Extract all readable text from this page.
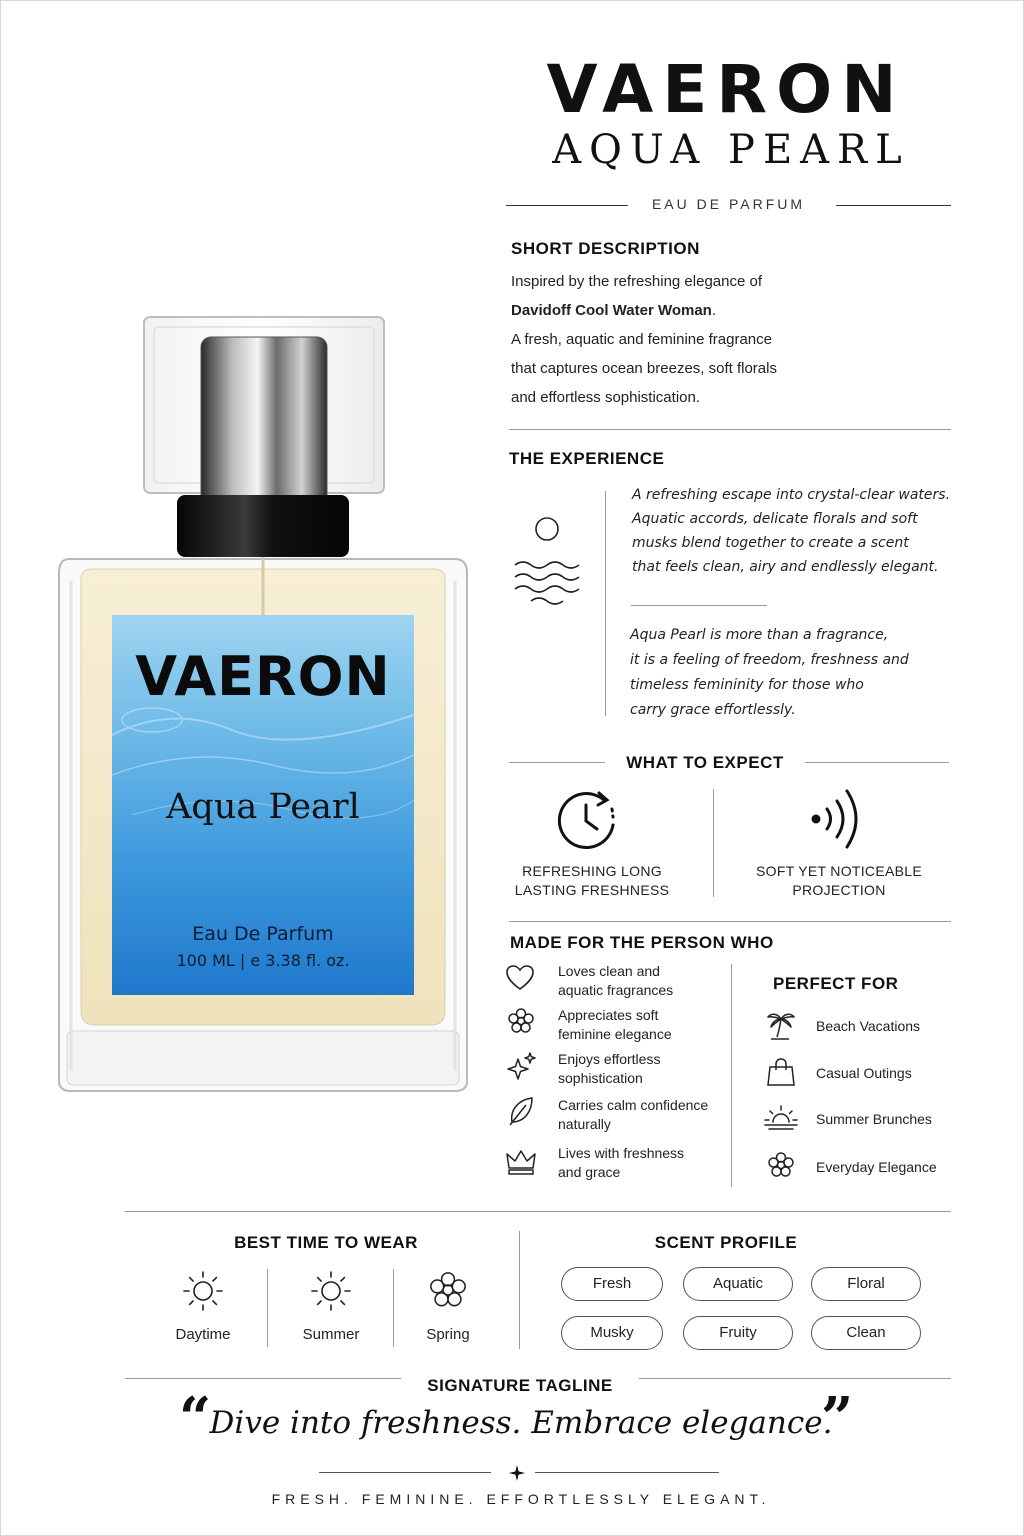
VAERON
Aqua Pearl
Eau De Parfum
100 ML | e 3.38 fl. oz.
VAERON
AQUA PEARL
EAU DE PARFUM
SHORT DESCRIPTION
Inspired by the refreshing elegance of
Davidoff Cool Water Woman.
A fresh, aquatic and feminine fragrance
that captures ocean breezes, soft florals
and effortless sophistication.
THE EXPERIENCE
A refreshing escape into crystal-clear waters.
Aquatic accords, delicate florals and soft
musks blend together to create a scent
that feels clean, airy and endlessly elegant.
Aqua Pearl is more than a fragrance,
it is a feeling of freedom, freshness and
timeless femininity for those who
carry grace effortlessly.
WHAT TO EXPECT
REFRESHING LONG
LASTING FRESHNESS
SOFT YET NOTICEABLE
PROJECTION
MADE FOR THE PERSON WHO
Loves clean and
aquatic fragrances
Appreciates soft
feminine elegance
Enjoys effortless
sophistication
Carries calm confidence
naturally
Lives with freshness
and grace
PERFECT FOR
Beach Vacations
Casual Outings
Summer Brunches
Everyday Elegance
BEST TIME TO WEAR
Daytime	Summer	Spring
SCENT PROFILE
Fresh	Aquatic	Floral
Musky	Fruity	Clean
SIGNATURE TAGLINE
“
Dive into freshness. Embrace elegance.
”
FRESH. FEMININE. EFFORTLESSLY ELEGANT.
